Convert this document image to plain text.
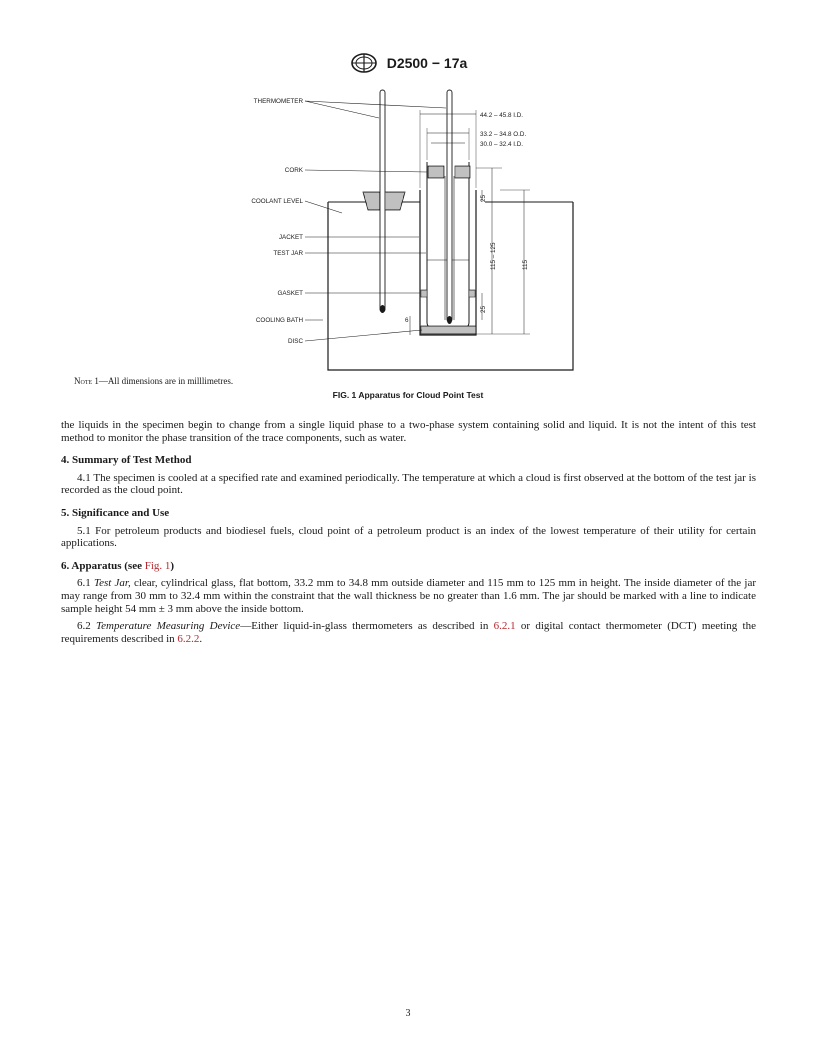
D2500 − 17a
THERMOMETER
CORK
COOLANT LEVEL
JACKET
TEST JAR
GASKET
COOLING BATH
DISC
44.2 – 45.8 I.D.
33.2 – 34.8 O.D.
30.0 – 32.4 I.D.
115 – 125	115
25
25
6
Note 1—All dimensions are in milllimetres.
FIG. 1 Apparatus for Cloud Point Test

the liquids in the specimen begin to change from a single liquid phase to a two-phase system containing solid and liquid. It is not the intent of this test method to monitor the phase transition of the trace components, such as water.

4. Summary of Test Method

4.1 The specimen is cooled at a specified rate and examined periodically. The temperature at which a cloud is first observed at the bottom of the test jar is recorded as the cloud point.

5. Significance and Use

5.1 For petroleum products and biodiesel fuels, cloud point of a petroleum product is an index of the lowest temperature of their utility for certain applications.

6. Apparatus (see Fig. 1)

6.1 Test Jar, clear, cylindrical glass, flat bottom, 33.2 mm to 34.8 mm outside diameter and 115 mm to 125 mm in height. The inside diameter of the jar may range from 30 mm to 32.4 mm within the constraint that the wall thickness be no greater than 1.6 mm. The jar should be marked with a line to indicate sample height 54 mm ± 3 mm above the inside bottom.

6.2 Temperature Measuring Device—Either liquid-in-glass thermometers as described in 6.2.1 or digital contact thermometer (DCT) meeting the requirements described in 6.2.2.

3
